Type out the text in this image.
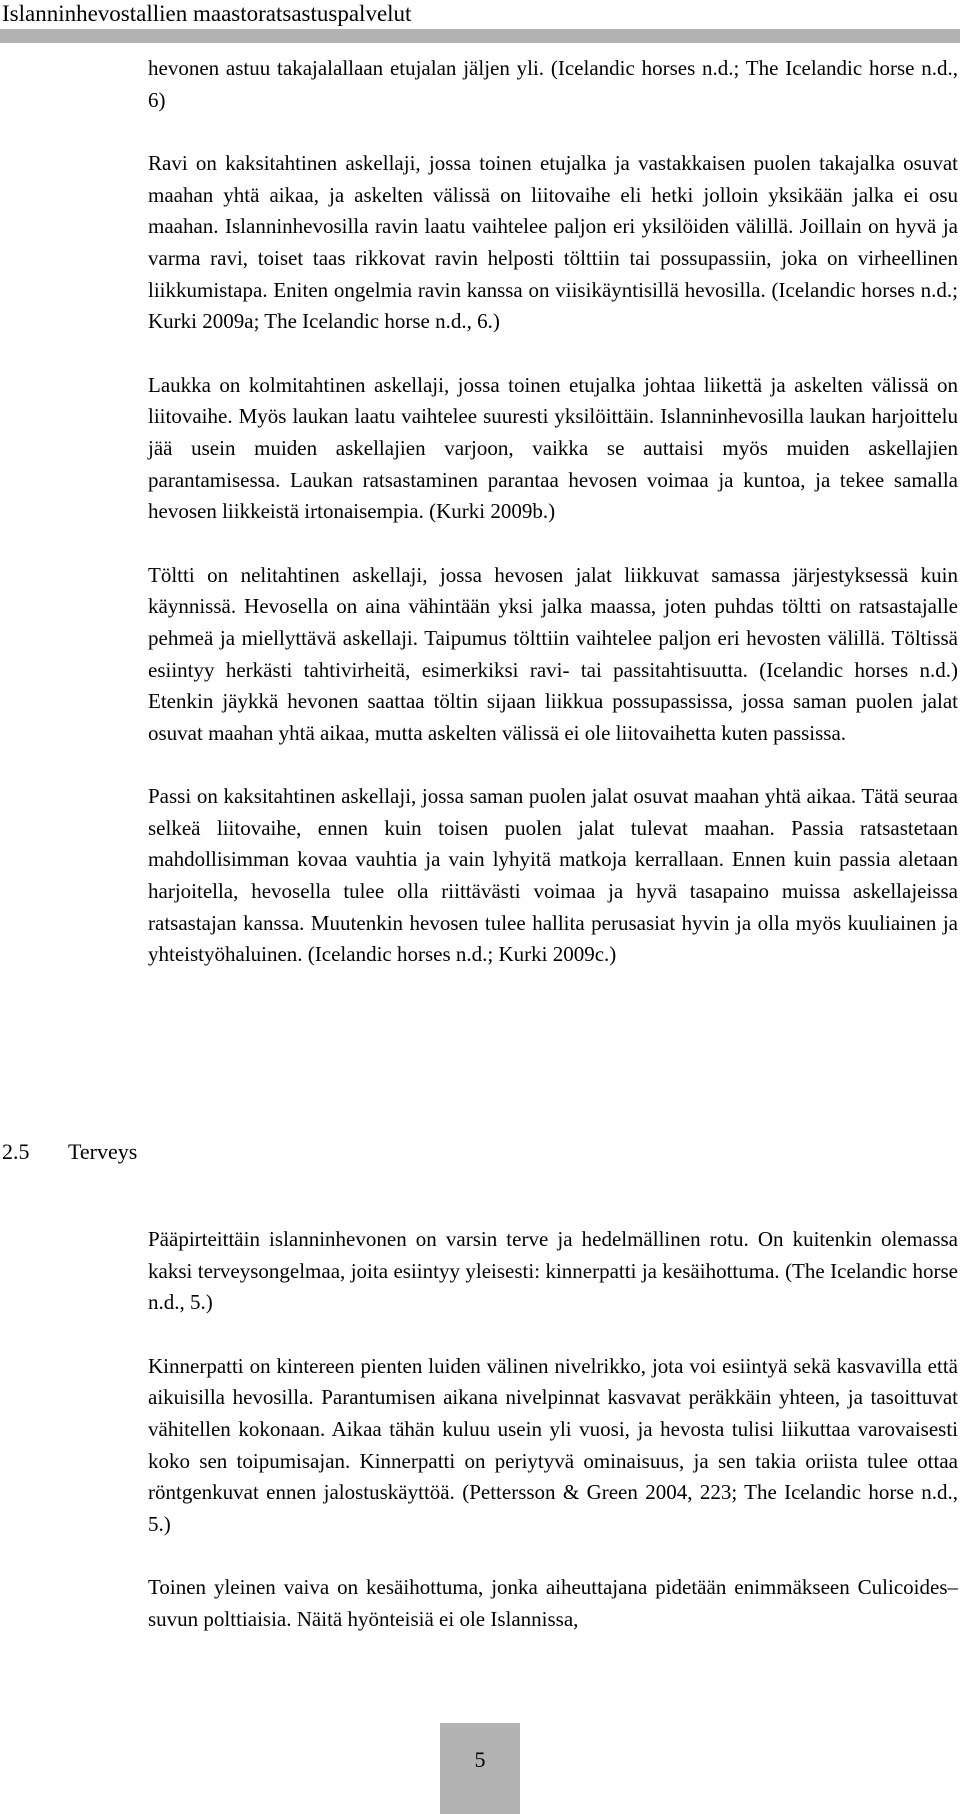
Islanninhevostallien maastoratsastuspalvelut

hevonen astuu takajalallaan etujalan jäljen yli. (Icelandic horses n.d.; The Icelandic horse n.d., 6)

Ravi on kaksitahtinen askellaji, jossa toinen etujalka ja vastakkaisen puolen takajalka osuvat maahan yhtä aikaa, ja askelten välissä on liitovaihe eli hetki jolloin yksikään jalka ei osu maahan. Islanninhevosilla ravin laatu vaihtelee paljon eri yksilöiden välillä. Joillain on hyvä ja varma ravi, toiset taas rikkovat ravin helposti tölttiin tai possupassiin, joka on virheellinen liikkumistapa. Eniten ongelmia ravin kanssa on viisikäyntisillä hevosilla. (Icelandic horses n.d.; Kurki 2009a; The Icelandic horse n.d., 6.)

Laukka on kolmitahtinen askellaji, jossa toinen etujalka johtaa liikettä ja askelten välissä on liitovaihe. Myös laukan laatu vaihtelee suuresti yksilöittäin. Islanninhevosilla laukan harjoittelu jää usein muiden askellajien varjoon, vaikka se auttaisi myös muiden askellajien parantamisessa. Laukan ratsastaminen parantaa hevosen voimaa ja kuntoa, ja tekee samalla hevosen liikkeistä irtonaisempia. (Kurki 2009b.)

Töltti on nelitahtinen askellaji, jossa hevosen jalat liikkuvat samassa järjestyksessä kuin käynnissä. Hevosella on aina vähintään yksi jalka maassa, joten puhdas töltti on ratsastajalle pehmeä ja miellyttävä askellaji. Taipumus tölttiin vaihtelee paljon eri hevosten välillä. Töltissä esiintyy herkästi tahtivirheitä, esimerkiksi ravi- tai passitahtisuutta. (Icelandic horses n.d.) Etenkin jäykkä hevonen saattaa töltin sijaan liikkua possupassissa, jossa saman puolen jalat osuvat maahan yhtä aikaa, mutta askelten välissä ei ole liitovaihetta kuten passissa.

Passi on kaksitahtinen askellaji, jossa saman puolen jalat osuvat maahan yhtä aikaa. Tätä seuraa selkeä liitovaihe, ennen kuin toisen puolen jalat tulevat maahan. Passia ratsastetaan mahdollisimman kovaa vauhtia ja vain lyhyitä matkoja kerrallaan. Ennen kuin passia aletaan harjoitella, hevosella tulee olla riittävästi voimaa ja hyvä tasapaino muissa askellajeissa ratsastajan kanssa. Muutenkin hevosen tulee hallita perusasiat hyvin ja olla myös kuuliainen ja yhteistyöhaluinen. (Icelandic horses n.d.; Kurki 2009c.)

2.5 Terveys

Pääpirteittäin islanninhevonen on varsin terve ja hedelmällinen rotu. On kuitenkin olemassa kaksi terveysongelmaa, joita esiintyy yleisesti: kinnerpatti ja kesäihottuma. (The Icelandic horse n.d., 5.)

Kinnerpatti on kintereen pienten luiden välinen nivelrikko, jota voi esiintyä sekä kasvavilla että aikuisilla hevosilla. Parantumisen aikana nivelpinnat kasvavat peräkkäin yhteen, ja tasoittuvat vähitellen kokonaan. Aikaa tähän kuluu usein yli vuosi, ja hevosta tulisi liikuttaa varovaisesti koko sen toipumisajan. Kinnerpatti on periytyvä ominaisuus, ja sen takia oriista tulee ottaa röntgenkuvat ennen jalostuskäyttöä. (Pettersson & Green 2004, 223; The Icelandic horse n.d., 5.)

Toinen yleinen vaiva on kesäihottuma, jonka aiheuttajana pidetään enimmäkseen Culicoides–suvun polttiaisia. Näitä hyönteisiä ei ole Islannissa,

5
